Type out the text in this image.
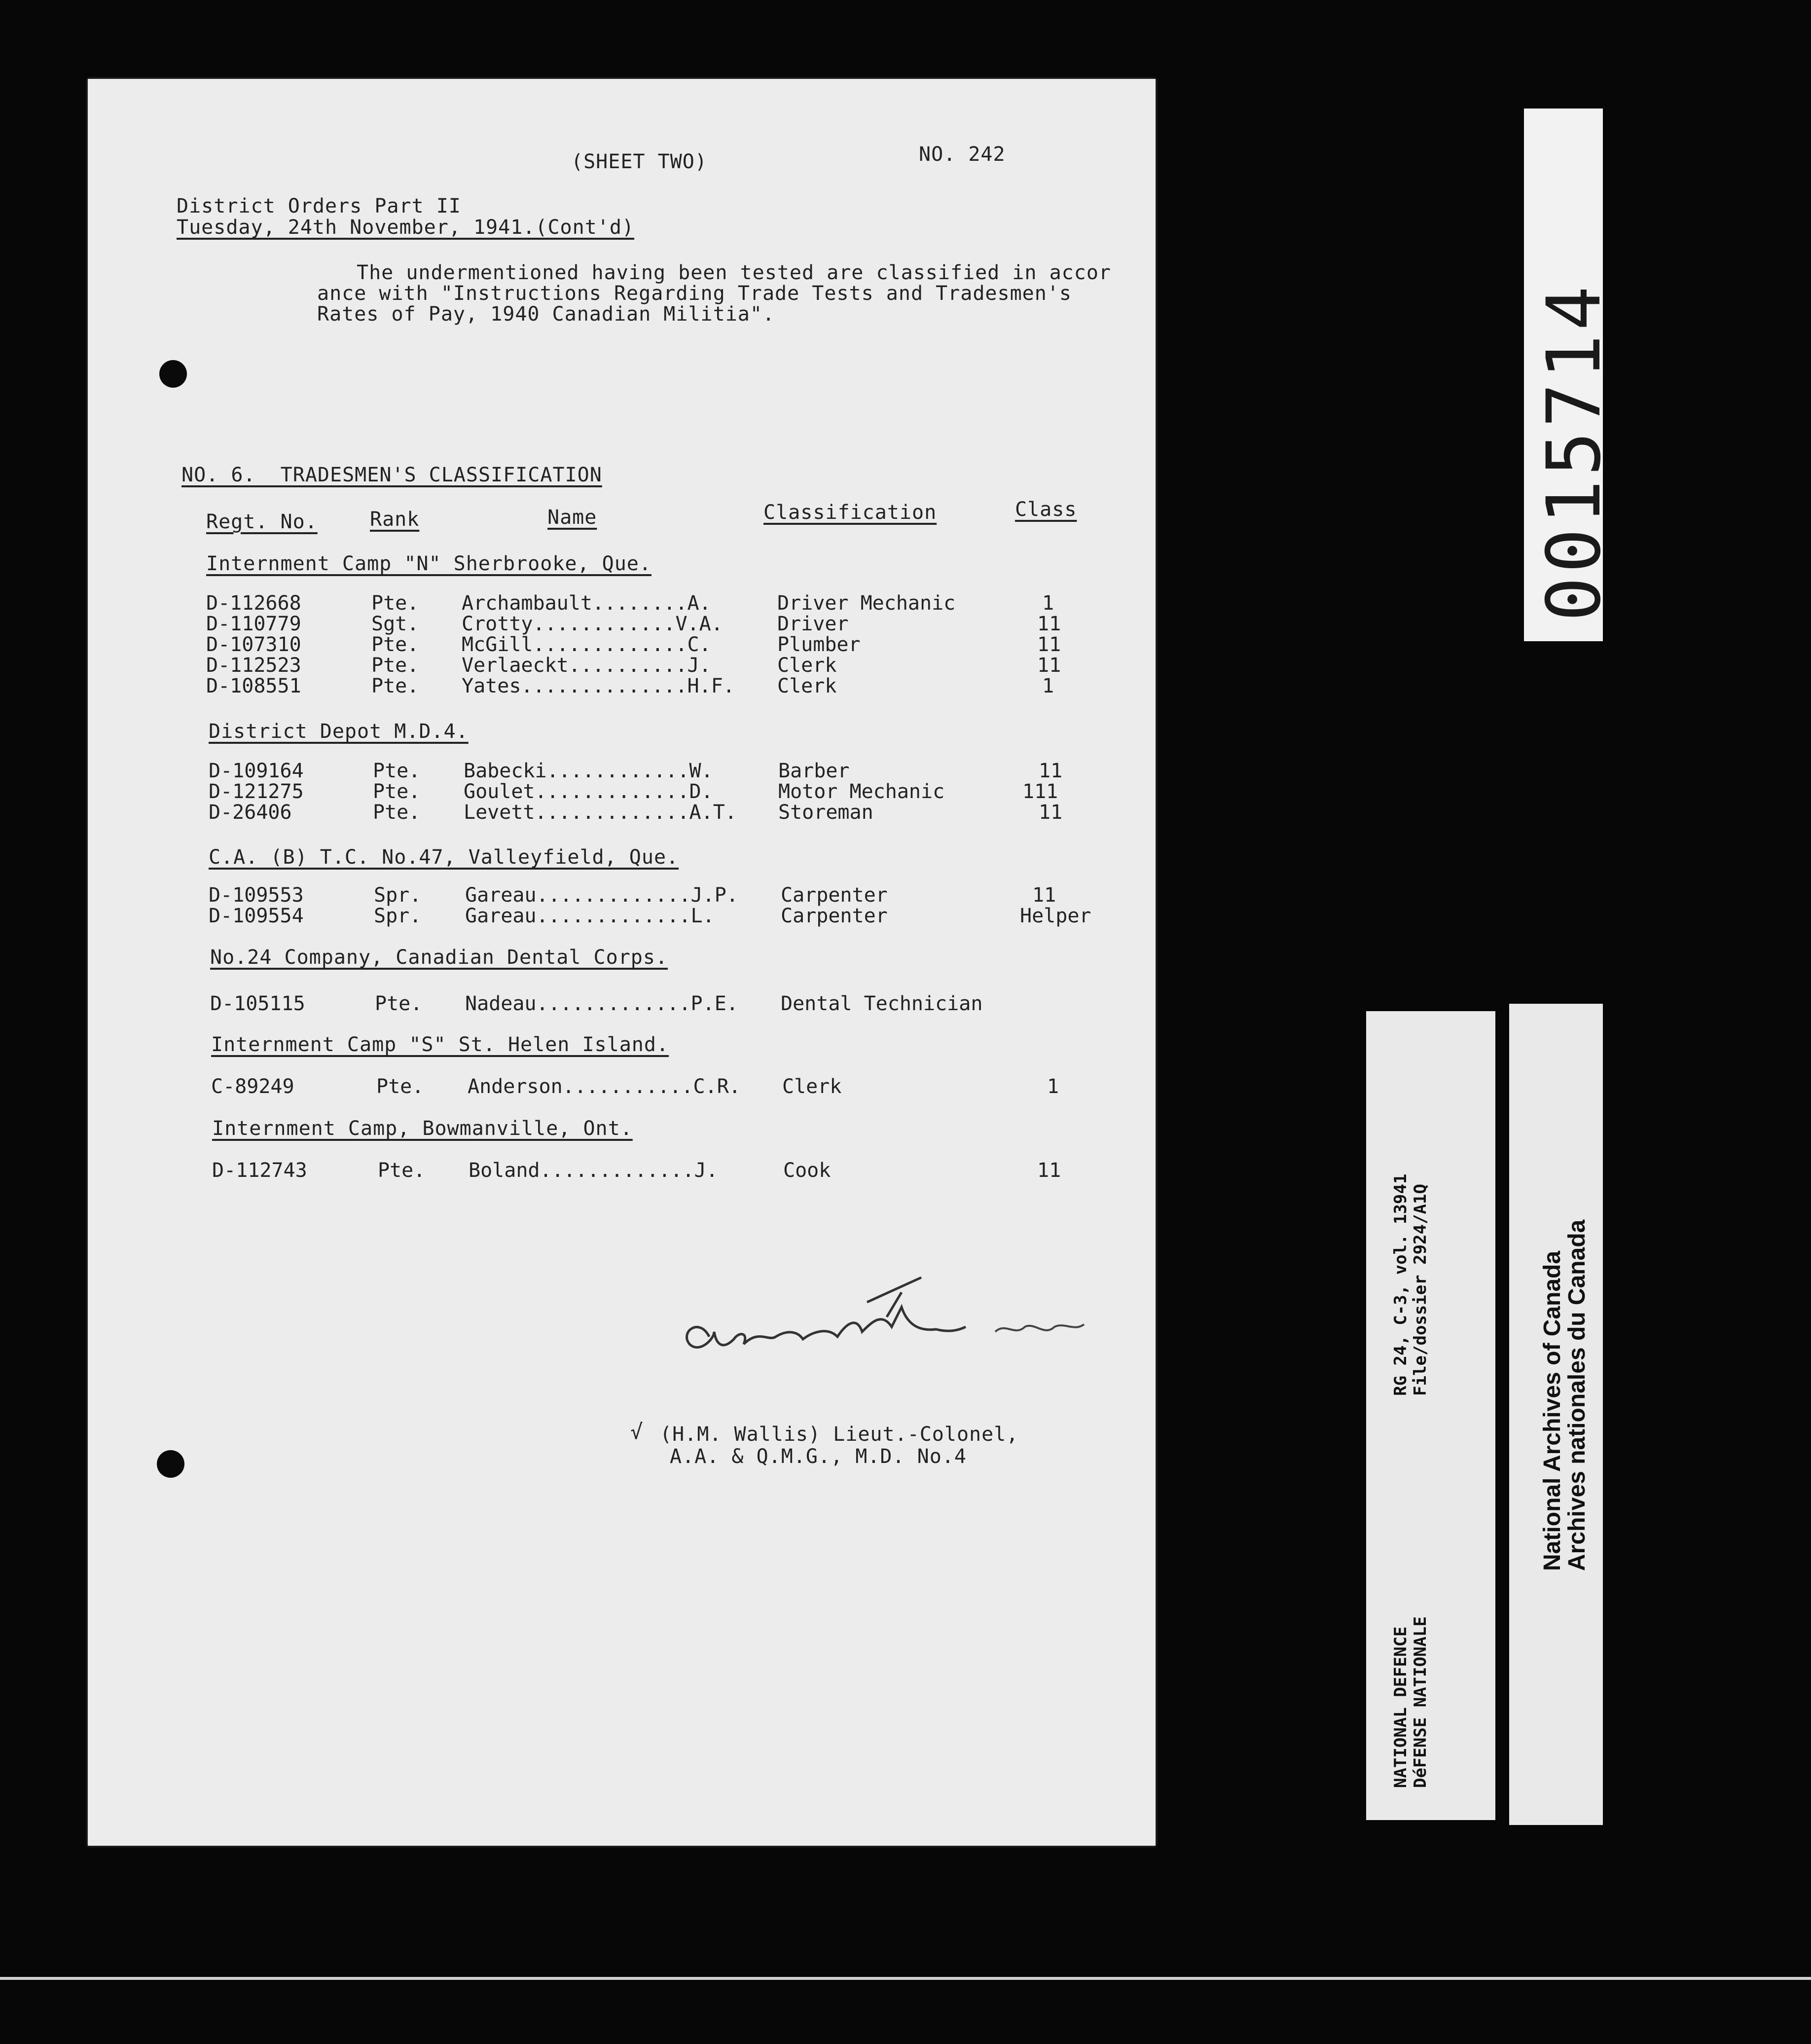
(SHEET TWO)	NO. 242
District Orders Part II
Tuesday, 24th November, 1941.(Cont'd)
The undermentioned having been tested are classified in accor
ance with "Instructions Regarding Trade Tests and Tradesmen's
Rates of Pay, 1940 Canadian Militia".
NO. 6.  TRADESMEN'S CLASSIFICATION
Regt. No.	Rank	Name	Classification	Class
Internment Camp "N" Sherbrooke, Que.
D-112668	Pte. Archambault........A.	Driver Mechanic	1
D-110779	Sgt. Crotty............V.A.	Driver	11
D-107310	Pte. McGill.............C.	Plumber	11
D-112523	Pte. Verlaeckt..........J.	Clerk	11
D-108551	Pte. Yates..............H.F. Clerk	1
District Depot M.D.4.
D-109164	Pte. Babecki............W.	Barber	11
D-121275	Pte. Goulet.............D.	Motor Mechanic	111
D-26406	Pte. Levett.............A.T. Storeman	11
C.A. (B) T.C. No.47, Valleyfield, Que.
D-109553	Spr. Gareau.............J.P. Carpenter	11
D-109554	Spr. Gareau.............L.	Carpenter	Helper
No.24 Company, Canadian Dental Corps.
D-105115	Pte. Nadeau.............P.E. Dental Technician
Internment Camp "S" St. Helen Island.
C-89249	Pte. Anderson...........C.R. Clerk	1
Internment Camp, Bowmanville, Ont.
D-112743	Pte. Boland.............J.	Cook	11
A.G. Wallis, Major
√ (H.M. Wallis) Lieut.-Colonel,
A.A. & Q.M.G., M.D. No.4
0015714
RG 24, C-3, vol. 13941 File/dossier 2924/A1Q
NATIONAL DEFENCE DéFENSE NATIONALE
National Archives of Canada
Archives nationales du Canada
